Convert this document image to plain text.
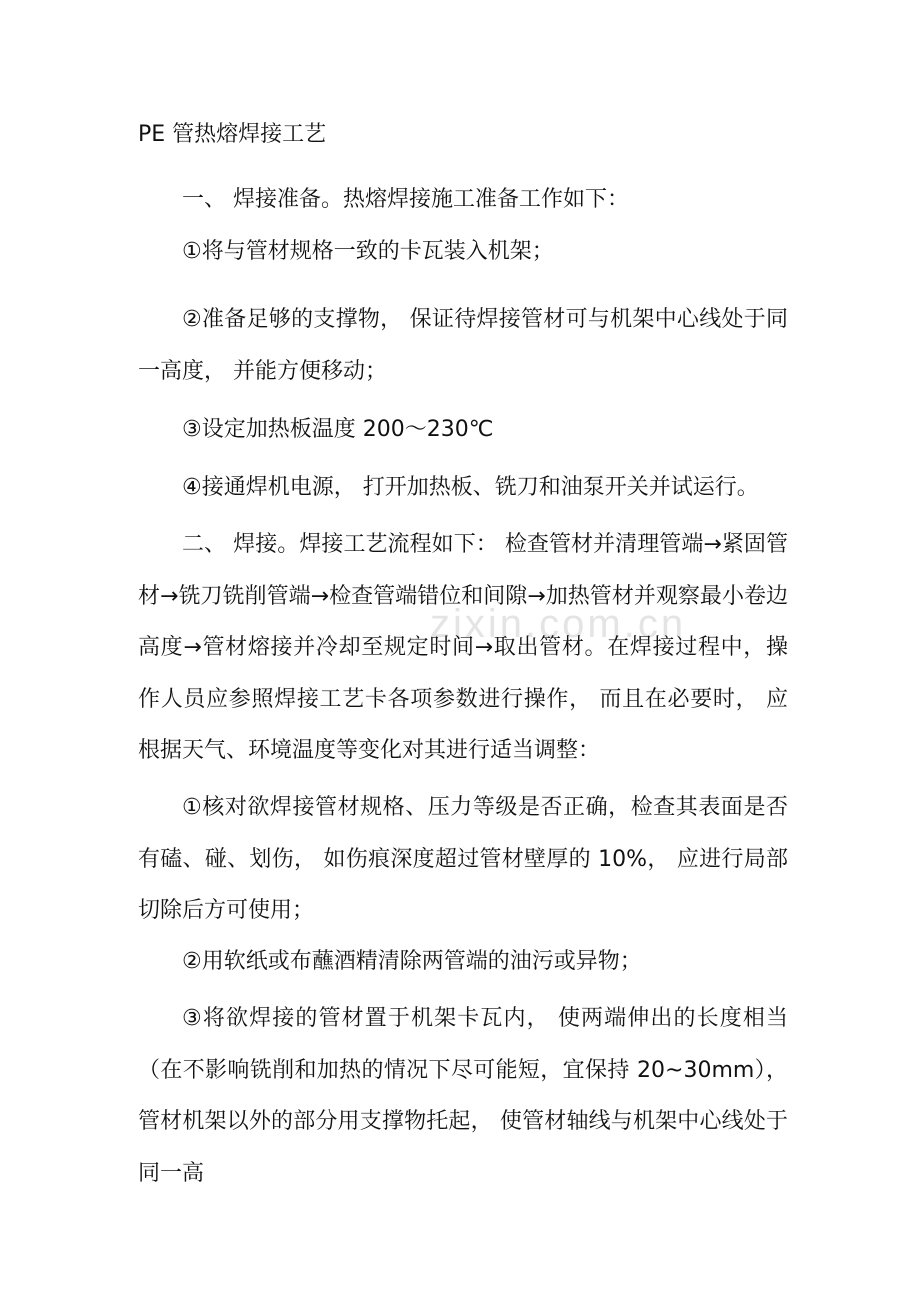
zixin.com.cn
PE 管热熔焊接工艺

一、 焊接准备。热熔焊接施工准备工作如下：

①将与管材规格一致的卡瓦装入机架；

②准备足够的支撑物， 保证待焊接管材可与机架中心线处于同一高度， 并能方便移动；

③设定加热板温度 200～230℃

④接通焊机电源， 打开加热板、铣刀和油泵开关并试运行。

二、 焊接。焊接工艺流程如下： 检查管材并清理管端→紧固管材→铣刀铣削管端→检查管端错位和间隙→加热管材并观察最小卷边高度→管材熔接并冷却至规定时间→取出管材。在焊接过程中，操作人员应参照焊接工艺卡各项参数进行操作， 而且在必要时， 应根据天气、环境温度等变化对其进行适当调整：

①核对欲焊接管材规格、压力等级是否正确，检查其表面是否有磕、碰、划伤， 如伤痕深度超过管材壁厚的 10%， 应进行局部切除后方可使用；

②用软纸或布蘸酒精清除两管端的油污或异物；

③将欲焊接的管材置于机架卡瓦内， 使两端伸出的长度相当（在不影响铣削和加热的情况下尽可能短，宜保持 20~30mm）， 管材机架以外的部分用支撑物托起， 使管材轴线与机架中心线处于同一高
